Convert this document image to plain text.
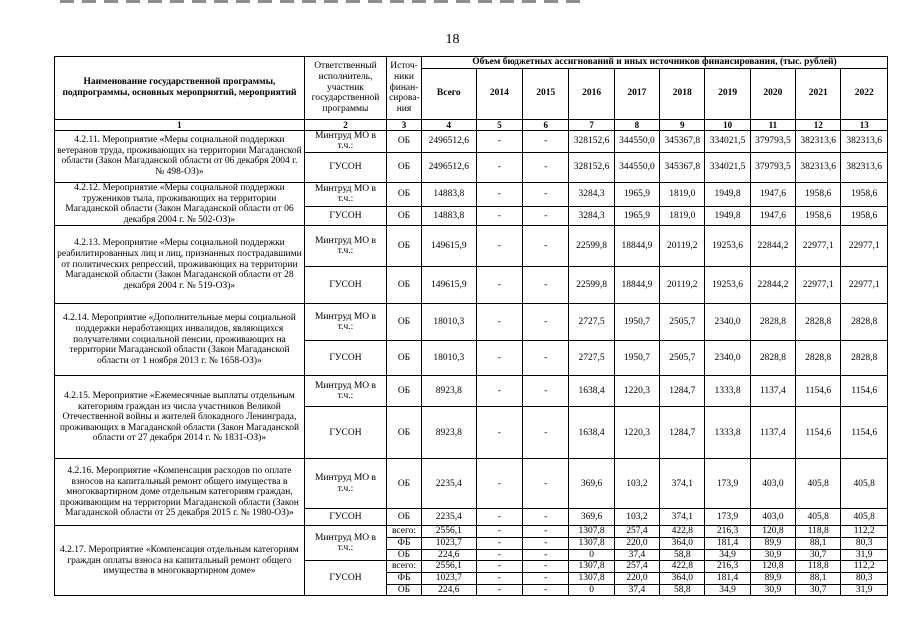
18
Наименование государственной программы, подпрограммы, основных мероприятий, мероприятий	Ответственный исполнитель, участник государственной программы	Источ-ники финан-сирова-ния	Объем бюджетных ассигнований и иных источников финансирования, (тыс. рублей)									
			Всего	2014	2015	2016	2017	2018	2019	2020	2021	2022
1	2	3	4	5	6	7	8	9	10	11	12	13
4.2.11. Мероприятие «Меры социальной поддержки ветеранов труда, проживающих на территории Магаданской области (Закон Магаданской области от 06 декабря 2004 г. № 498-ОЗ)»	Минтруд МО в т.ч.:	ОБ	2496512,6	-	-	328152,6	344550,0	345367,8	334021,5	379793,5	382313,6	382313,6
	ГУСОН	ОБ	2496512,6	-	-	328152,6	344550,0	345367,8	334021,5	379793,5	382313,6	382313,6
4.2.12. Мероприятие «Меры социальной поддержки тружеников тыла, проживающих на территории Магаданской области (Закон Магаданской области от 06 декабря 2004 г. № 502-ОЗ)»	Минтруд МО в т.ч.:	ОБ	14883,8	-	-	3284,3	1965,9	1819,0	1949,8	1947,6	1958,6	1958,6
	ГУСОН	ОБ	14883,8	-	-	3284,3	1965,9	1819,0	1949,8	1947,6	1958,6	1958,6
4.2.13. Мероприятие «Меры социальной поддержки реабилитированных лиц и лиц, признанных пострадавшими от политических репрессий, проживающих на территории Магаданской области (Закон Магаданской области от 28 декабря 2004 г. № 519-ОЗ)»	Минтруд МО в т.ч.:	ОБ	149615,9	-	-	22599,8	18844,9	20119,2	19253,6	22844,2	22977,1	22977,1
	ГУСОН	ОБ	149615,9	-	-	22599,8	18844,9	20119,2	19253,6	22844,2	22977,1	22977,1
4.2.14. Мероприятие «Дополнительные меры социальной поддержки неработающих инвалидов, являющихся получателями социальной пенсии, проживающих на территории Магаданской области (Закон Магаданской области от 1 ноября 2013 г. № 1658-ОЗ)»	Минтруд МО в т.ч.:	ОБ	18010,3	-	-	2727,5	1950,7	2505,7	2340,0	2828,8	2828,8	2828,8
	ГУСОН	ОБ	18010,3	-	-	2727,5	1950,7	2505,7	2340,0	2828,8	2828,8	2828,8
4.2.15. Мероприятие «Ежемесячные выплаты отдельным категориям граждан из числа участников Великой Отечественной войны и жителей блокадного Ленинграда, проживающих в Магаданской области (Закон Магаданской области от 27 декабря 2014 г. № 1831-ОЗ)»	Минтруд МО в т.ч.:	ОБ	8923,8	-	-	1638,4	1220,3	1284,7	1333,8	1137,4	1154,6	1154,6
	ГУСОН	ОБ	8923,8	-	-	1638,4	1220,3	1284,7	1333,8	1137,4	1154,6	1154,6
4.2.16. Мероприятие «Компенсация расходов по оплате взносов на капитальный ремонт общего имущества в многоквартирном доме отдельным категориям граждан, проживающим на территории Магаданской области (Закон Магаданской области от 25 декабря 2015 г. № 1980-ОЗ)»	Минтруд МО в т.ч.:	ОБ	2235,4	-	-	369,6	103,2	374,1	173,9	403,0	405,8	405,8
	ГУСОН	ОБ	2235,4	-	-	369,6	103,2	374,1	173,9	403,0	405,8	405,8
4.2.17. Мероприятие «Компенсация отдельным категориям граждан оплаты взноса на капитальный ремонт общего имущества в многоквартирном доме»	Минтруд МО в т.ч.:	всего:	2556,1	-	-	1307,8	257,4	422,8	216,3	120,8	118,8	112,2
		ФБ	1023,7	-	-	1307,8	220,0	364,0	181,4	89,9	88,1	80,3
		ОБ	224,6	-	-	0	37,4	58,8	34,9	30,9	30,7	31,9
	ГУСОН	всего:	2556,1	-	-	1307,8	257,4	422,8	216,3	120,8	118,8	112,2
		ФБ	1023,7	-	-	1307,8	220,0	364,0	181,4	89,9	88,1	80,3
		ОБ	224,6	-	-	0	37,4	58,8	34,9	30,9	30,7	31,9
